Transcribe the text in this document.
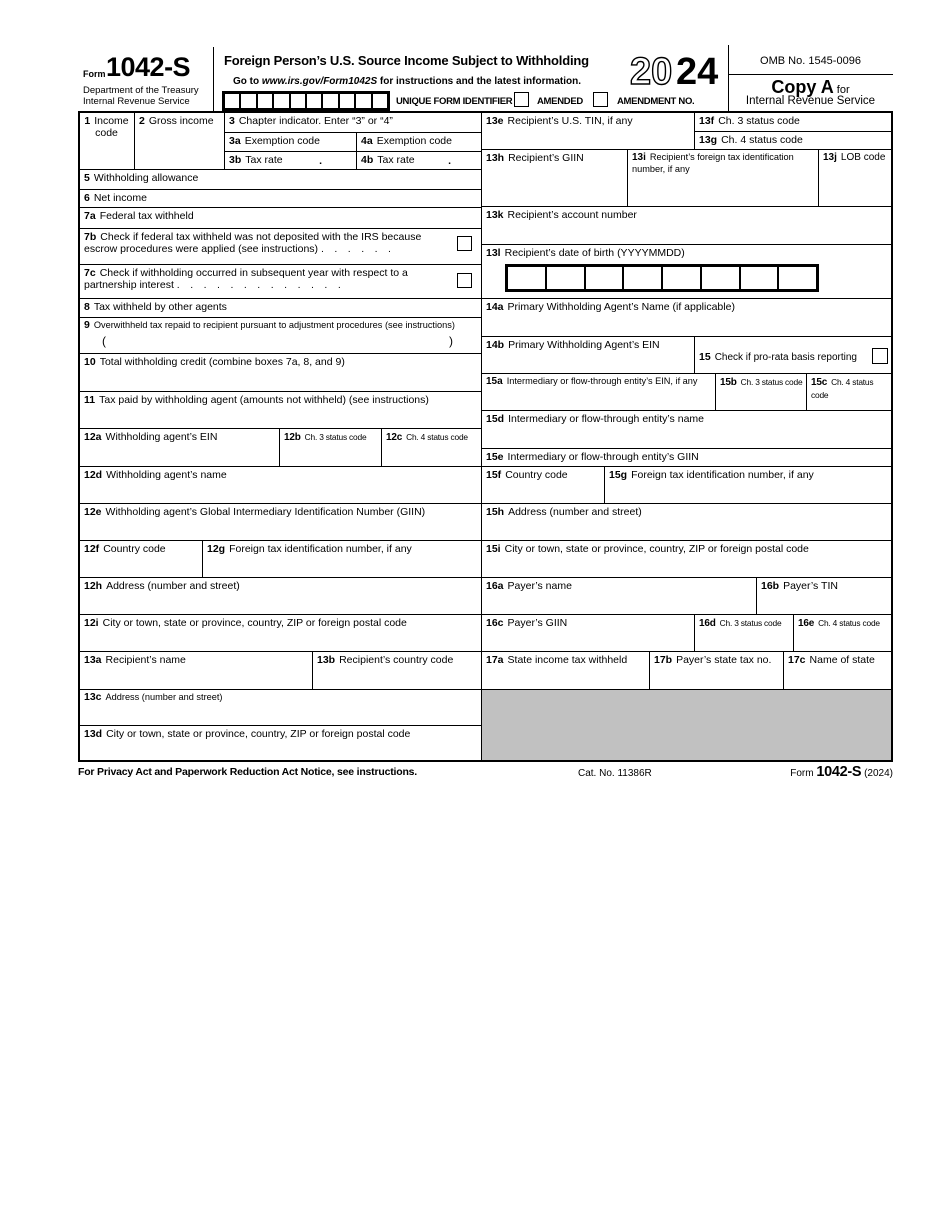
Form 1042-S
Department of the Treasury
Internal Revenue Service
Foreign Person’s U.S. Source Income Subject to Withholding
Go to www.irs.gov/Form1042S for instructions and the latest information.
UNIQUE FORM IDENTIFIER	AMENDED	AMENDMENT NO.
20 24	OMB No. 1545-0096
Copy A for
Internal Revenue Service
1 Income code
2 Gross income	3 Chapter indicator. Enter “3” or “4”
3a Exemption code	4a Exemption code
3b Tax rate	.	4b Tax rate	.
5 Withholding allowance
6 Net income
7a Federal tax withheld
7b Check if federal tax withheld was not deposited with the IRS because escrow procedures were applied (see instructions) .  .  .  .  .  .
7c Check if withholding occurred in subsequent year with respect to a partnership interest .  .  .  .  .  .  .  .  .  .  .  .  .
8 Tax withheld by other agents
9 Overwithheld tax repaid to recipient pursuant to adjustment procedures (see instructions)
(	)
10 Total withholding credit (combine boxes 7a, 8, and 9)
11 Tax paid by withholding agent (amounts not withheld) (see instructions)
12a Withholding agent’s EIN	12b Ch. 3 status code	12c Ch. 4 status code
12d Withholding agent’s name
12e Withholding agent’s Global Intermediary Identification Number (GIIN)
12f Country code	12g Foreign tax identification number, if any
12h Address (number and street)
12i City or town, state or province, country, ZIP or foreign postal code
13a Recipient’s name	13b Recipient’s country code
13c Address (number and street)
13d City or town, state or province, country, ZIP or foreign postal code
13e Recipient’s U.S. TIN, if any	13f Ch. 3 status code
13g Ch. 4 status code
13h Recipient’s GIIN	13i Recipient’s foreign tax identification number, if any
13j LOB code
13k Recipient’s account number
13l Recipient’s date of birth (YYYYMMDD)
14a Primary Withholding Agent’s Name (if applicable)
14b Primary Withholding Agent’s EIN
15 Check if pro-rata basis reporting
15a Intermediary or flow-through entity’s EIN, if any	15b Ch. 3 status code 15c Ch. 4 status code
15d Intermediary or flow-through entity’s name
15e Intermediary or flow-through entity’s GIIN
15f Country code	15g Foreign tax identification number, if any
15h Address (number and street)
15i City or town, state or province, country, ZIP or foreign postal code
16a Payer’s name	16b Payer’s TIN
16c Payer’s GIIN	16d Ch. 3 status code	16e Ch. 4 status code
17a State income tax withheld	17b Payer’s state tax no.	17c Name of state
For Privacy Act and Paperwork Reduction Act Notice, see instructions.	Cat. No. 11386R	Form 1042-S (2024)
